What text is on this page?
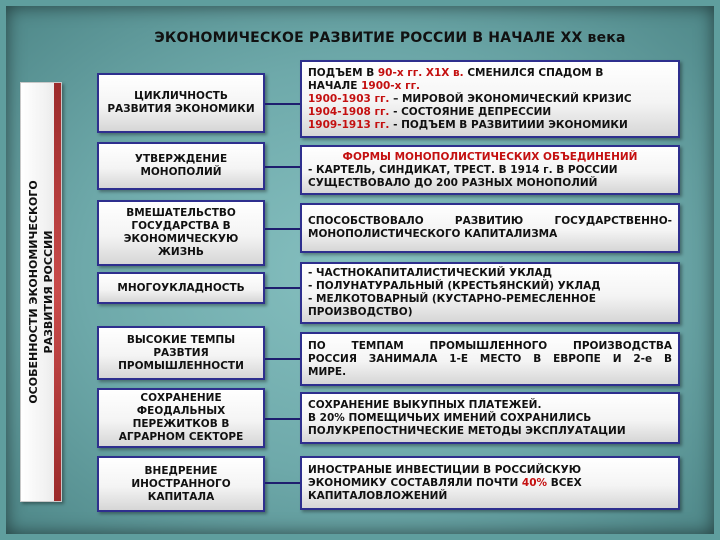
ЭКОНОМИЧЕСКОЕ РАЗВИТИЕ РОССИИ В НАЧАЛЕ XX века
ОСОБЕННОСТИ ЭКОНОМИЧЕСКОГО РАЗВИТИЯ РОССИИ
ЦИКЛИЧНОСТЬ РАЗВИТИЯ ЭКОНОМИКИ
ПОДЪЕМ В 90-х гг. Х1Х в. СМЕНИЛСЯ СПАДОМ В
НАЧАЛЕ 1900-х гг.
1900-1903 гг. – МИРОВОЙ ЭКОНОМИЧЕСКИЙ КРИЗИС
1904-1908 гг. - СОСТОЯНИЕ ДЕПРЕССИИ
1909-1913 гг. - ПОДЪЕМ В РАЗВИТИИИ ЭКОНОМИКИ
УТВЕРЖДЕНИЕ МОНОПОЛИЙ
ФОРМЫ МОНОПОЛИСТИЧЕСКИХ ОБЪЕДИНЕНИЙ
- КАРТЕЛЬ, СИНДИКАТ, ТРЕСТ. В 1914 г. В РОССИИ
СУЩЕСТВОВАЛО ДО 200 РАЗНЫХ МОНОПОЛИЙ
ВМЕШАТЕЛЬСТВО ГОСУДАРСТВА В ЭКОНОМИЧЕСКУЮ ЖИЗНЬ
СПОСОБСТВОВАЛО РАЗВИТИЮ ГОСУДАРСТВЕННО-
МОНОПОЛИСТИЧЕСКОГО КАПИТАЛИЗМА
МНОГОУКЛАДНОСТЬ
- ЧАСТНОКАПИТАЛИСТИЧЕСКИЙ УКЛАД
- ПОЛУНАТУРАЛЬНЫЙ (КРЕСТЬЯНСКИЙ) УКЛАД
- МЕЛКОТОВАРНЫЙ (КУСТАРНО-РЕМЕСЛЕННОЕ
ПРОИЗВОДСТВО)
ВЫСОКИЕ ТЕМПЫ РАЗВТИЯ ПРОМЫШЛЕННОСТИ
ПО ТЕМПАМ ПРОМЫШЛЕННОГО ПРОИЗВОДСТВА
РОССИЯ ЗАНИМАЛА 1-Е МЕСТО В ЕВРОПЕ И 2-е В
МИРЕ.
СОХРАНЕНИЕ ФЕОДАЛЬНЫХ ПЕРЕЖИТКОВ В АГРАРНОМ СЕКТОРЕ
СОХРАНЕНИЕ ВЫКУПНЫХ ПЛАТЕЖЕЙ.
В 20% ПОМЕЩИЧЬИХ ИМЕНИЙ СОХРАНИЛИСЬ
ПОЛУКРЕПОСТНИЧЕСКИЕ МЕТОДЫ ЭКСПЛУАТАЦИИ
ВНЕДРЕНИЕ ИНОСТРАННОГО КАПИТАЛА
ИНОСТРАНЫЕ ИНВЕСТИЦИИ В РОССИЙСКУЮ
ЭКОНОМИКУ СОСТАВЛЯЛИ ПОЧТИ 40% ВСЕХ
КАПИТАЛОВЛОЖЕНИЙ
